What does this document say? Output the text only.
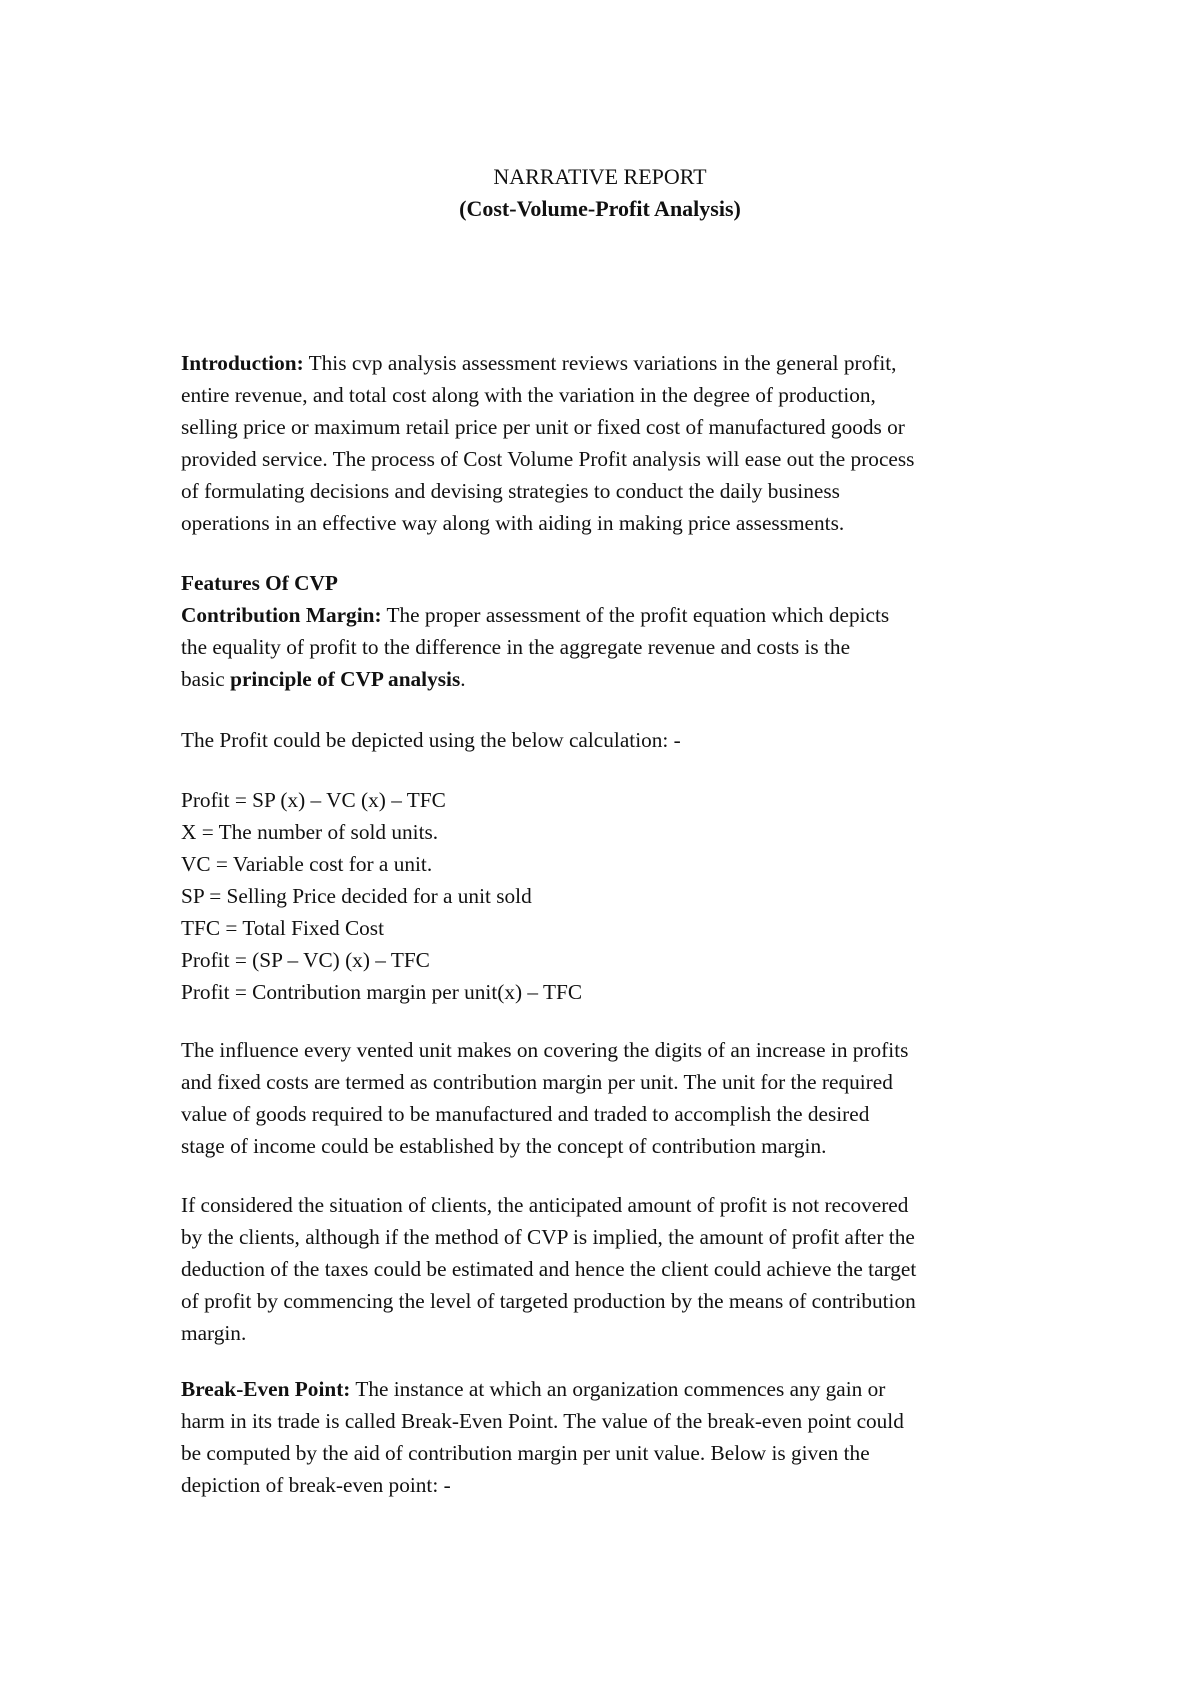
NARRATIVE REPORT
(Cost-Volume-Profit Analysis)
Introduction: This cvp analysis assessment reviews variations in the general profit,
entire revenue, and total cost along with the variation in the degree of production,
selling price or maximum retail price per unit or fixed cost of manufactured goods or
provided service. The process of Cost Volume Profit analysis will ease out the process
of formulating decisions and devising strategies to conduct the daily business
operations in an effective way along with aiding in making price assessments.
Features Of CVP
Contribution Margin: The proper assessment of the profit equation which depicts
the equality of profit to the difference in the aggregate revenue and costs is the
basic principle of CVP analysis.
The Profit could be depicted using the below calculation: -
Profit = SP (x) – VC (x) – TFC
X = The number of sold units.
VC = Variable cost for a unit.
SP = Selling Price decided for a unit sold
TFC = Total Fixed Cost
Profit = (SP – VC) (x) – TFC
Profit = Contribution margin per unit(x) – TFC
The influence every vented unit makes on covering the digits of an increase in profits
and fixed costs are termed as contribution margin per unit. The unit for the required
value of goods required to be manufactured and traded to accomplish the desired
stage of income could be established by the concept of contribution margin.
If considered the situation of clients, the anticipated amount of profit is not recovered
by the clients, although if the method of CVP is implied, the amount of profit after the
deduction of the taxes could be estimated and hence the client could achieve the target
of profit by commencing the level of targeted production by the means of contribution
margin.
Break-Even Point: The instance at which an organization commences any gain or
harm in its trade is called Break-Even Point. The value of the break-even point could
be computed by the aid of contribution margin per unit value. Below is given the
depiction of break-even point: -
